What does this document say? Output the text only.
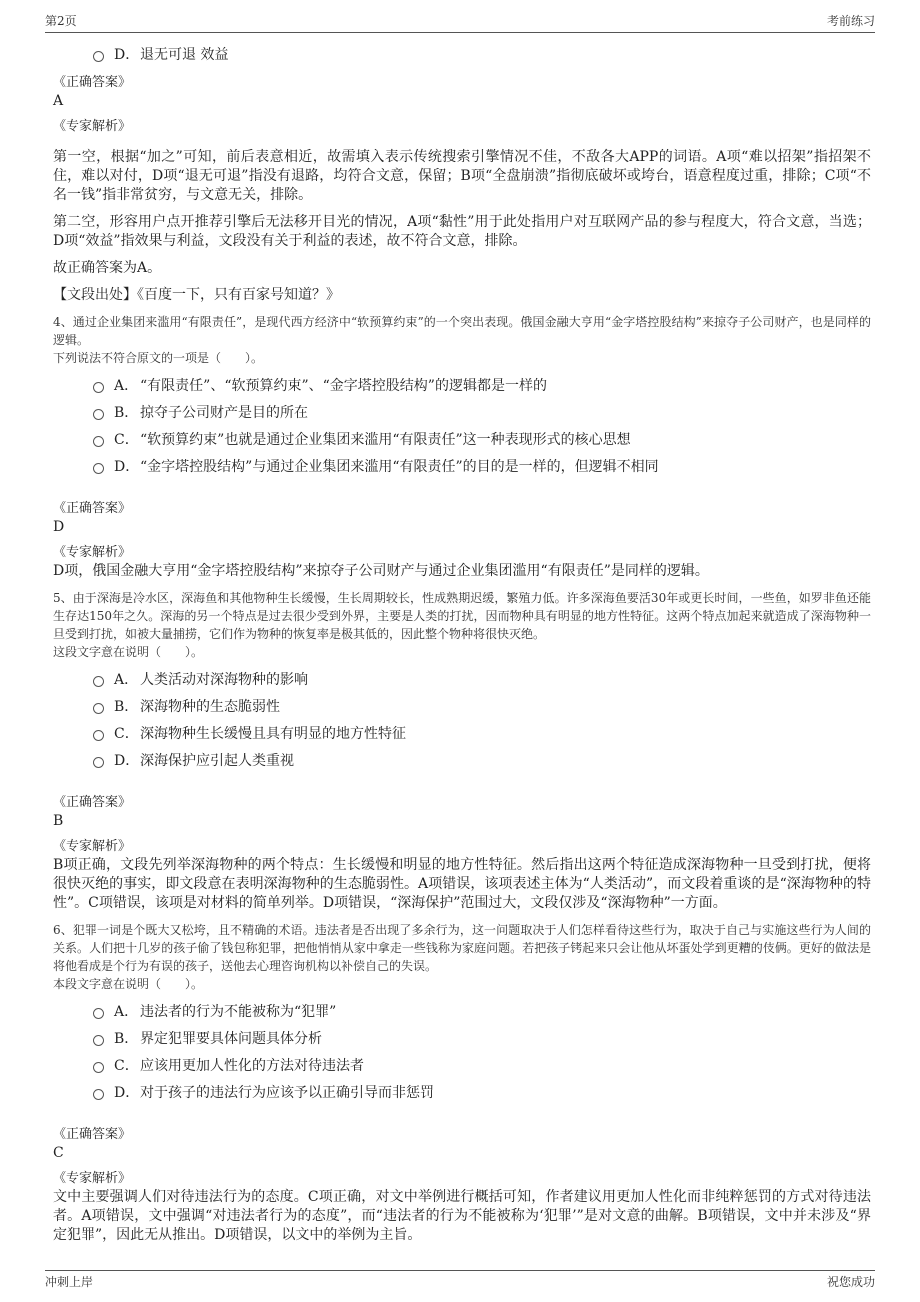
第2页	考前练习
D． 退无可退 效益
《正确答案》
A
《专家解析》

第一空，根据“加之”可知，前后表意相近，故需填入表示传统搜索引擎情况不佳，不敌各大APP的词语。A项“难以招架”指招架不住，难以对付，D项“退无可退”指没有退路，均符合文意，保留；B项“全盘崩溃”指彻底破坏或垮台，语意程度过重，排除；C项“不名一钱”指非常贫穷，与文意无关，排除。

第二空，形容用户点开推荐引擎后无法移开目光的情况，A项“黏性”用于此处指用户对互联网产品的参与程度大，符合文意，当选；D项“效益”指效果与利益，文段没有关于利益的表述，故不符合文意，排除。

故正确答案为A。

【文段出处】《百度一下，只有百家号知道？》

4、通过企业集团来滥用“有限责任”，是现代西方经济中“软预算约束”的一个突出表现。俄国金融大亨用“金字塔控股结构”来掠夺子公司财产，也是同样的逻辑。
下列说法不符合原文的一项是（　　）。
A． “有限责任”、“软预算约束”、“金字塔控股结构”的逻辑都是一样的
B． 掠夺子公司财产是目的所在
C． “软预算约束”也就是通过企业集团来滥用“有限责任”这一种表现形式的核心思想
D． “金字塔控股结构”与通过企业集团来滥用“有限责任”的目的是一样的，但逻辑不相同
《正确答案》
D
《专家解析》

D项，俄国金融大亨用“金字塔控股结构”来掠夺子公司财产与通过企业集团滥用“有限责任”是同样的逻辑。

5、由于深海是冷水区，深海鱼和其他物种生长缓慢，生长周期较长，性成熟期迟缓，繁殖力低。许多深海鱼要活30年或更长时间，一些鱼，如罗非鱼还能生存达150年之久。深海的另一个特点是过去很少受到外界，主要是人类的打扰，因而物种具有明显的地方性特征。这两个特点加起来就造成了深海物种一旦受到打扰，如被大量捕捞，它们作为物种的恢复率是极其低的，因此整个物种将很快灭绝。
这段文字意在说明（　　）。
A． 人类活动对深海物种的影响
B． 深海物种的生态脆弱性
C． 深海物种生长缓慢且具有明显的地方性特征
D． 深海保护应引起人类重视
《正确答案》
B
《专家解析》

B项正确，文段先列举深海物种的两个特点：生长缓慢和明显的地方性特征。然后指出这两个特征造成深海物种一旦受到打扰，便将很快灭绝的事实，即文段意在表明深海物种的生态脆弱性。A项错误，该项表述主体为“人类活动”，而文段着重谈的是“深海物种的特性”。C项错误，该项是对材料的简单列举。D项错误，“深海保护”范围过大，文段仅涉及“深海物种”一方面。

6、犯罪一词是个既大又松垮，且不精确的术语。违法者是否出现了多余行为，这一问题取决于人们怎样看待这些行为，取决于自己与实施这些行为人间的关系。人们把十几岁的孩子偷了钱包称犯罪，把他悄悄从家中拿走一些钱称为家庭问题。若把孩子铐起来只会让他从坏蛋处学到更糟的伎俩。更好的做法是将他看成是个行为有误的孩子，送他去心理咨询机构以补偿自己的失误。
本段文字意在说明（　　）。
A． 违法者的行为不能被称为“犯罪”
B． 界定犯罪要具体问题具体分析
C． 应该用更加人性化的方法对待违法者
D． 对于孩子的违法行为应该予以正确引导而非惩罚
《正确答案》
C
《专家解析》

文中主要强调人们对待违法行为的态度。C项正确，对文中举例进行概括可知，作者建议用更加人性化而非纯粹惩罚的方式对待违法者。A项错误，文中强调“对违法者行为的态度”，而“违法者的行为不能被称为‘犯罪’”是对文意的曲解。B项错误，文中并未涉及“界定犯罪”，因此无从推出。D项错误，以文中的举例为主旨。

冲刺上岸	祝您成功
